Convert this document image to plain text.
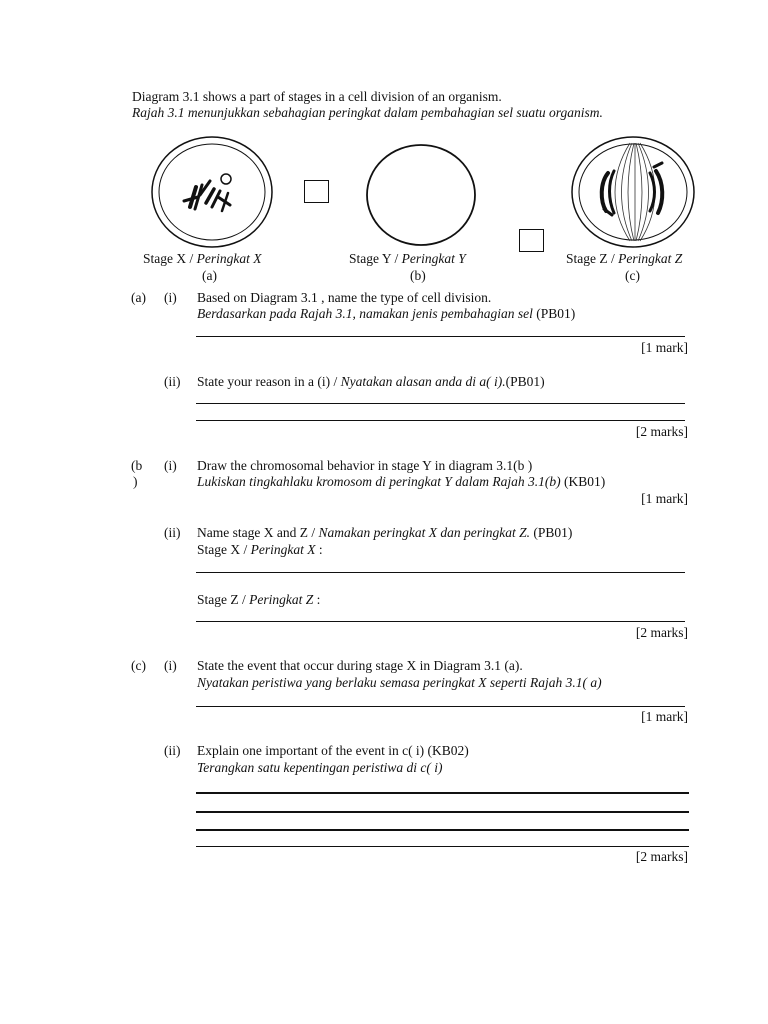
Diagram 3.1 shows a part of stages in a cell division of an organism.
Rajah 3.1 menunjukkan sebahagian peringkat dalam pembahagian sel suatu organism.
Stage X / Peringkat X
(a)
Stage Y / Peringkat Y
(b)
Stage Z / Peringkat Z
(c)
(a) (i) Based on Diagram 3.1 , name the type of cell division.
Berdasarkan pada Rajah 3.1, namakan jenis pembahagian sel (PB01)
[1 mark]
(ii) State your reason in a (i) / Nyatakan alasan anda di a( i).(PB01)
[2 marks]
(b
)
(i) Draw the chromosomal behavior in stage Y in diagram 3.1(b )
Lukiskan tingkahlaku kromosom di peringkat Y dalam Rajah 3.1(b) (KB01)
[1 mark]
(ii) Name stage X and Z / Namakan peringkat X dan peringkat Z. (PB01)
Stage X / Peringkat X :
Stage Z / Peringkat Z :
[2 marks]
(c) (i) State the event that occur during stage X in Diagram 3.1 (a).
Nyatakan peristiwa yang berlaku semasa peringkat X seperti Rajah 3.1( a)
[1 mark]
(ii) Explain one important of the event in c( i) (KB02)
Terangkan satu kepentingan peristiwa di c( i)
[2 marks]
